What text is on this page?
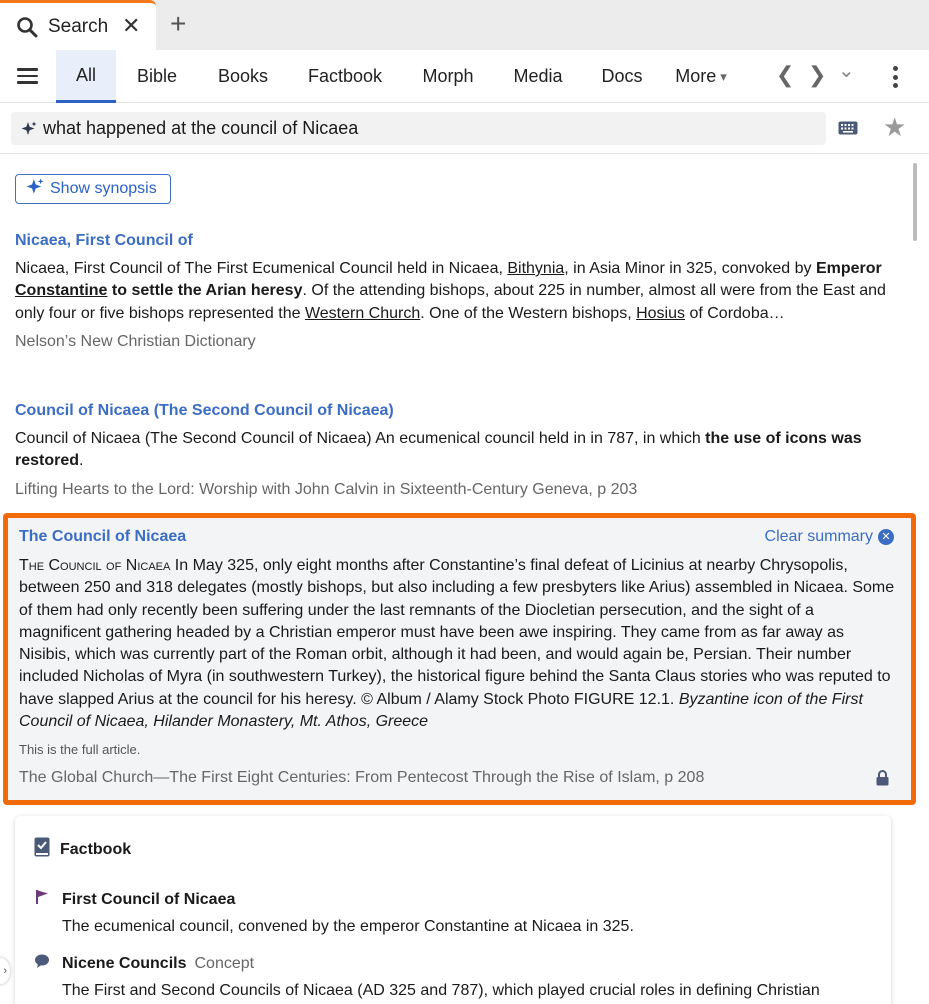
Search ✕ +
All	Bible	Books	Factbook	Morph	Media	Docs	More ▾ ❮ ❯ ⌄
what happened at the council of Nicaea	★
Show synopsis
Nicaea, First Council of
Nicaea, First Council of The First Ecumenical Council held in Nicaea, Bithynia, in Asia Minor in 325, convoked by Emperor Constantine to settle the Arian heresy. Of the attending bishops, about 225 in number, almost all were from the East and only four or five bishops represented the Western Church. One of the Western bishops, Hosius of Cordoba…
Nelson’s New Christian Dictionary
Council of Nicaea (The Second Council of Nicaea)
Council of Nicaea (The Second Council of Nicaea) An ecumenical council held in in 787, in which the use of icons was restored.
Lifting Hearts to the Lord: Worship with John Calvin in Sixteenth-Century Geneva, p 203
The Council of Nicaea	Clear summary ✕
The Council of Nicaea In May 325, only eight months after Constantine’s final defeat of Licinius at nearby Chrysopolis, between 250 and 318 delegates (mostly bishops, but also including a few presbyters like Arius) assembled in Nicaea. Some of them had only recently been suffering under the last remnants of the Diocletian persecution, and the sight of a magnificent gathering headed by a Christian emperor must have been awe inspiring. They came from as far away as Nisibis, which was currently part of the Roman orbit, although it had been, and would again be, Persian. Their number included Nicholas of Myra (in southwestern Turkey), the historical figure behind the Santa Claus stories who was reputed to have slapped Arius at the council for his heresy. © Album / Alamy Stock Photo FIGURE 12.1. Byzantine icon of the First Council of Nicaea, Hilander Monastery, Mt. Athos, Greece
This is the full article.
The Global Church—The First Eight Centuries: From Pentecost Through the Rise of Islam, p 208
Factbook
First Council of Nicaea
The ecumenical council, convened by the emperor Constantine at Nicaea in 325.
Nicene Councils Concept
The First and Second Councils of Nicaea (AD 325 and 787), which played crucial roles in defining Christian
›
